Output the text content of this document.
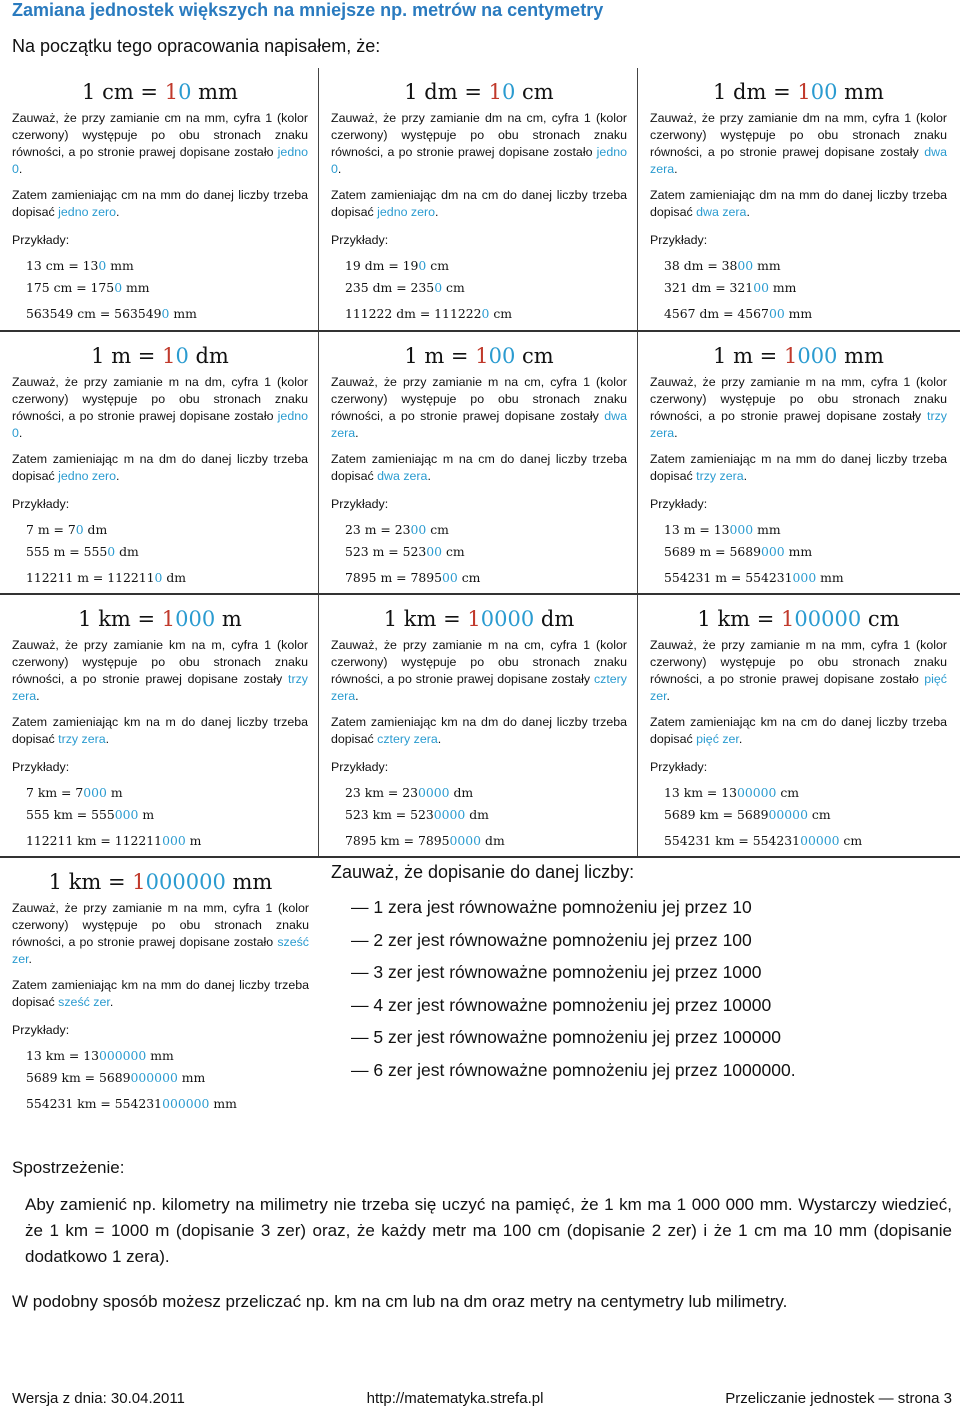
Zamiana jednostek większych na mniejsze np. metrów na centymetry
Na początku tego opracowania napisałem, że:
1 cm = 10 mm
Zauważ, że przy zamianie cm na mm, cyfra 1 (kolor czerwony) występuje po obu stronach znaku równości, a po stronie prawej dopisane zostało jedno 0.
Zatem zamieniając cm na mm do danej liczby trzeba dopisać jedno zero.
Przykłady:
13 cm = 130 mm
175 cm = 1750 mm
563549 cm = 5635490 mm
1 dm = 10 cm
Zauważ, że przy zamianie dm na cm, cyfra 1 (kolor czerwony) występuje po obu stronach znaku równości, a po stronie prawej dopisane zostało jedno 0.
Zatem zamieniając dm na cm do danej liczby trzeba dopisać jedno zero.
Przykłady:
19 dm = 190 cm
235 dm = 2350 cm
111222 dm = 1112220 cm
1 dm = 100 mm
Zauważ, że przy zamianie dm na mm, cyfra 1 (kolor czerwony) występuje po obu stronach znaku równości, a po stronie prawej dopisane zostały dwa zera.
Zatem zamieniając dm na mm do danej liczby trzeba dopisać dwa zera.
Przykłady:
38 dm = 3800 mm
321 dm = 32100 mm
4567 dm = 456700 mm
1 m = 10 dm
Zauważ, że przy zamianie m na dm, cyfra 1 (kolor czerwony) występuje po obu stronach znaku równości, a po stronie prawej dopisane zostało jedno 0.
Zatem zamieniając m na dm do danej liczby trzeba dopisać jedno zero.
Przykłady:
7 m = 70 dm
555 m = 5550 dm
112211 m = 1122110 dm
1 m = 100 cm
Zauważ, że przy zamianie m na cm, cyfra 1 (kolor czerwony) występuje po obu stronach znaku równości, a po stronie prawej dopisane zostały dwa zera.
Zatem zamieniając m na cm do danej liczby trzeba dopisać dwa zera.
Przykłady:
23 m = 2300 cm
523 m = 52300 cm
7895 m = 789500 cm
1 m = 1000 mm
Zauważ, że przy zamianie m na mm, cyfra 1 (kolor czerwony) występuje po obu stronach znaku równości, a po stronie prawej dopisane zostały trzy zera.
Zatem zamieniając m na mm do danej liczby trzeba dopisać trzy zera.
Przykłady:
13 m = 13000 mm
5689 m = 5689000 mm
554231 m = 554231000 mm
1 km = 1000 m
Zauważ, że przy zamianie km na m, cyfra 1 (kolor czerwony) występuje po obu stronach znaku równości, a po stronie prawej dopisane zostały trzy zera.
Zatem zamieniając km na m do danej liczby trzeba dopisać trzy zera.
Przykłady:
7 km = 7000 m
555 km = 555000 m
112211 km = 112211000 m
1 km = 10000 dm
Zauważ, że przy zamianie m na cm, cyfra 1 (kolor czerwony) występuje po obu stronach znaku równości, a po stronie prawej dopisane zostały cztery zera.
Zatem zamieniając km na dm do danej liczby trzeba dopisać cztery zera.
Przykłady:
23 km = 230000 dm
523 km = 5230000 dm
7895 km = 78950000 dm
1 km = 100000 cm
Zauważ, że przy zamianie m na mm, cyfra 1 (kolor czerwony) występuje po obu stronach znaku równości, a po stronie prawej dopisane zostało pięć zer.
Zatem zamieniając km na cm do danej liczby trzeba dopisać pięć zer.
Przykłady:
13 km = 1300000 cm
5689 km = 568900000 cm
554231 km = 55423100000 cm
1 km = 1000000 mm
Zauważ, że przy zamianie m na mm, cyfra 1 (kolor czerwony) występuje po obu stronach znaku równości, a po stronie prawej dopisane zostało sześć zer.
Zatem zamieniając km na mm do danej liczby trzeba dopisać sześć zer.
Przykłady:
13 km = 13000000 mm
5689 km = 5689000000 mm
554231 km = 554231000000 mm
Zauważ, że dopisanie do danej liczby:
— 1 zera jest równoważne pomnożeniu jej przez 10
— 2 zer jest równoważne pomnożeniu jej przez 100
— 3 zer jest równoważne pomnożeniu jej przez 1000
— 4 zer jest równoważne pomnożeniu jej przez 10000
— 5 zer jest równoważne pomnożeniu jej przez 100000
— 6 zer jest równoważne pomnożeniu jej przez 1000000.
Spostrzeżenie:
Aby zamienić np. kilometry na milimetry nie trzeba się uczyć na pamięć, że 1 km ma 1 000 000 mm. Wystarczy wiedzieć, że 1 km = 1000 m (dopisanie 3 zer) oraz, że każdy metr ma 100 cm (dopisanie 2 zer) i że 1 cm ma 10 mm (dopisanie dodatkowo 1 zera).
W podobny sposób możesz przeliczać np. km na cm lub na dm oraz metry na centymetry lub milimetry.
Wersja z dnia: 30.04.2011	http://matematyka.strefa.pl	Przeliczanie jednostek — strona 3
